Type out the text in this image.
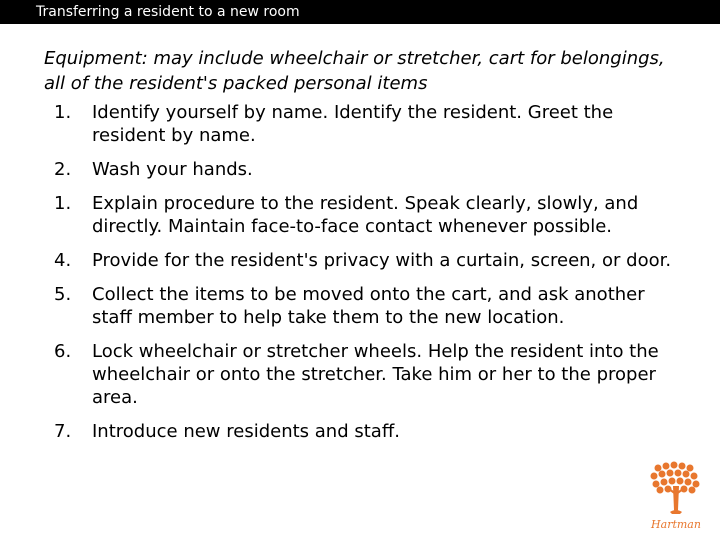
Transferring a resident to a new room

Equipment: may include wheelchair or stretcher, cart for belongings, all of the resident's packed personal items

1.	Identify yourself by name. Identify the resident. Greet the resident by name.
2.	Wash your hands.
1.	Explain procedure to the resident. Speak clearly, slowly, and directly. Maintain face-to-face contact whenever possible.
4.	Provide for the resident's privacy with a curtain, screen, or door.
5.	Collect the items to be moved onto the cart, and ask another staff member to help take them to the new location.
6.	Lock wheelchair or stretcher wheels. Help the resident into the wheelchair or onto the stretcher. Take him or her to the proper area.
7.	Introduce new residents and staff.
Hartman
